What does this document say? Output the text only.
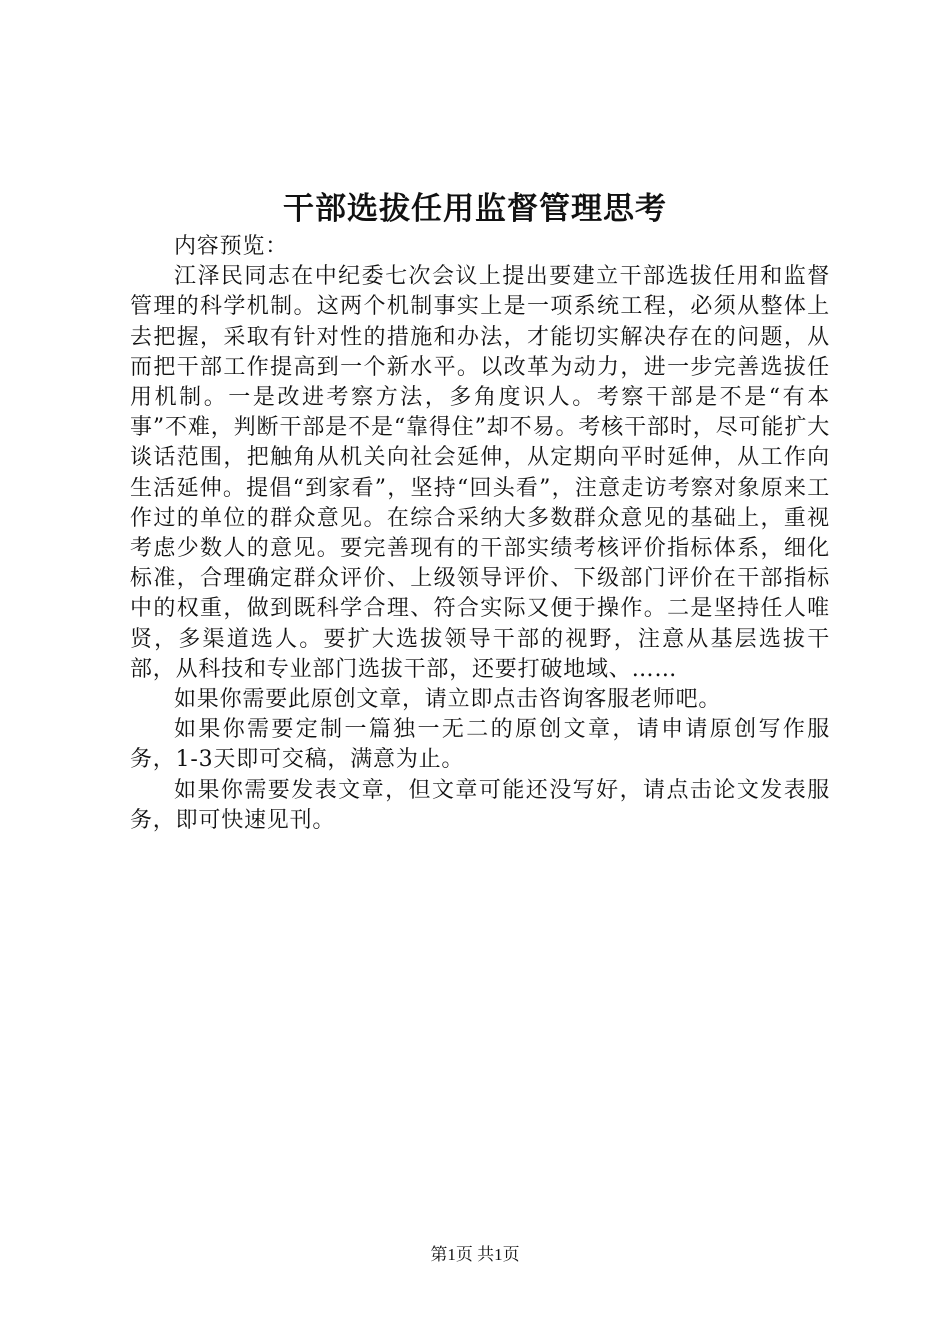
干部选拔任用监督管理思考

内容预览：

江泽民同志在中纪委七次会议上提出要建立干部选拔任用和监督管理的科学机制。这两个机制事实上是一项系统工程，必须从整体上去把握，采取有针对性的措施和办法，才能切实解决存在的问题，从而把干部工作提高到一个新水平。以改革为动力，进一步完善选拔任用机制。一是改进考察方法，多角度识人。考察干部是不是“有本事”不难，判断干部是不是“靠得住”却不易。考核干部时，尽可能扩大谈话范围，把触角从机关向社会延伸，从定期向平时延伸，从工作向生活延伸。提倡“到家看”，坚持“回头看”，注意走访考察对象原来工作过的单位的群众意见。在综合采纳大多数群众意见的基础上，重视考虑少数人的意见。要完善现有的干部实绩考核评价指标体系，细化标准，合理确定群众评价、上级领导评价、下级部门评价在干部指标中的权重，做到既科学合理、符合实际又便于操作。二是坚持任人唯贤，多渠道选人。要扩大选拔领导干部的视野，注意从基层选拔干部，从科技和专业部门选拔干部，还要打破地域、……

如果你需要此原创文章，请立即点击咨询客服老师吧。

如果你需要定制一篇独一无二的原创文章，请申请原创写作服务，1-3天即可交稿，满意为止。

如果你需要发表文章，但文章可能还没写好，请点击论文发表服务，即可快速见刊。

第1页 共1页
